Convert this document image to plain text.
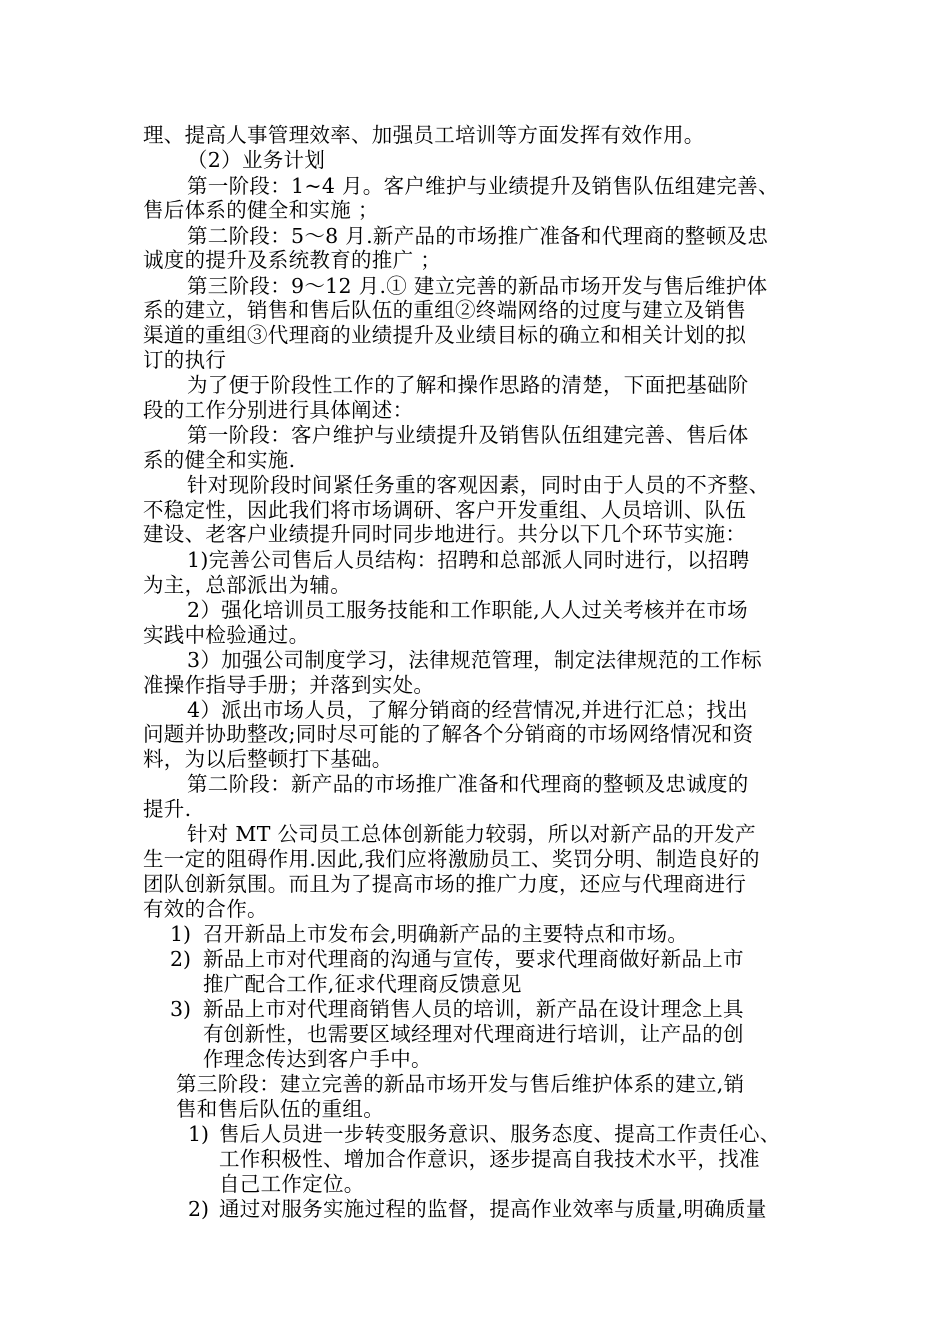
理、提高人事管理效率、加强员工培训等方面发挥有效作用。
（2）业务计划
第一阶段：1~4 月。客户维护与业绩提升及销售队伍组建完善、
售后体系的健全和实施 ；
第二阶段：5～8 月.新产品的市场推广准备和代理商的整顿及忠
诚度的提升及系统教育的推广 ；
第三阶段：9～12 月.① 建立完善的新品市场开发与售后维护体
系的建立，销售和售后队伍的重组②终端网络的过度与建立及销售
渠道的重组③代理商的业绩提升及业绩目标的确立和相关计划的拟
订的执行
为了便于阶段性工作的了解和操作思路的清楚，下面把基础阶
段的工作分别进行具体阐述：
第一阶段：客户维护与业绩提升及销售队伍组建完善、售后体
系的健全和实施.
针对现阶段时间紧任务重的客观因素，同时由于人员的不齐整、
不稳定性，因此我们将市场调研、客户开发重组、人员培训、队伍
建设、老客户业绩提升同时同步地进行。共分以下几个环节实施：
1)完善公司售后人员结构：招聘和总部派人同时进行，以招聘
为主，总部派出为辅。
2）强化培训员工服务技能和工作职能,人人过关考核并在市场
实践中检验通过。
3）加强公司制度学习，法律规范管理，制定法律规范的工作标
准操作指导手册；并落到实处。
4）派出市场人员，了解分销商的经营情况,并进行汇总；找出
问题并协助整改;同时尽可能的了解各个分销商的市场网络情况和资
料，为以后整顿打下基础。
第二阶段：新产品的市场推广准备和代理商的整顿及忠诚度的
提升.
针对 MT 公司员工总体创新能力较弱，所以对新产品的开发产
生一定的阻碍作用.因此,我们应将激励员工、奖罚分明、制造良好的
团队创新氛围。而且为了提高市场的推广力度，还应与代理商进行
有效的合作。
1) 召开新品上市发布会,明确新产品的主要特点和市场。
2) 新品上市对代理商的沟通与宣传，要求代理商做好新品上市
推广配合工作,征求代理商反馈意见
3) 新品上市对代理商销售人员的培训，新产品在设计理念上具
有创新性，也需要区域经理对代理商进行培训，让产品的创
作理念传达到客户手中。
第三阶段：建立完善的新品市场开发与售后维护体系的建立,销
售和售后队伍的重组。
1) 售后人员进一步转变服务意识、服务态度、提高工作责任心、
工作积极性、增加合作意识，逐步提高自我技术水平，找准
自己工作定位。
2) 通过对服务实施过程的监督，提高作业效率与质量,明确质量
